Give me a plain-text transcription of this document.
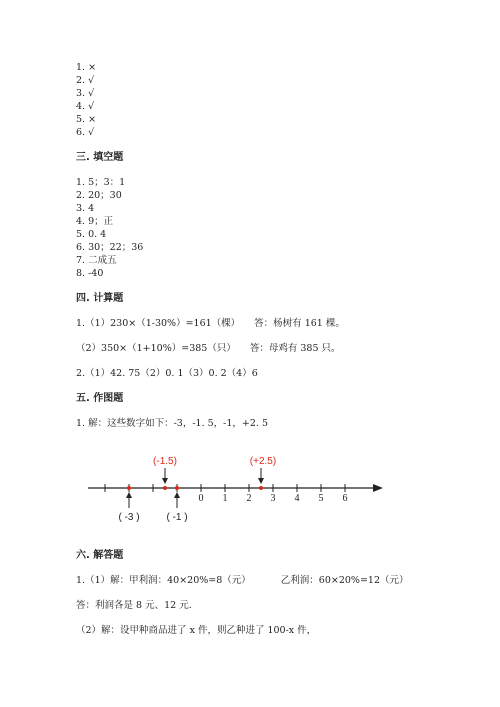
1. ×
2. √
3. √
4. √
5. ×
6. √
三. 填空题
1. 5；3：1
2. 20；30
3. 4
4. 9；正
5. 0. 4
6. 30；22；36
7. 二成五
8. -40
四. 计算题
1.（1）230×（1-30%）=161（棵） 答：杨树有 161 棵。
（2）350×（1+10%）=385（只） 答：母鸡有 385 只。
2.（1）42. 75（2）0. 1（3）0. 2（4）6
五. 作图题
1. 解：这些数字如下：-3，-1. 5，-1，+2. 5
0 1 2 3 4 5 6
(-1.5)	(+2.5)
( -3 )	( -1 )
六. 解答题
1.（1）解：甲利润：40×20%=8（元）	乙利润：60×20%=12（元）
答：利润各是 8 元、12 元.
（2）解：设甲种商品进了 x 件，则乙种进了 100-x 件，
